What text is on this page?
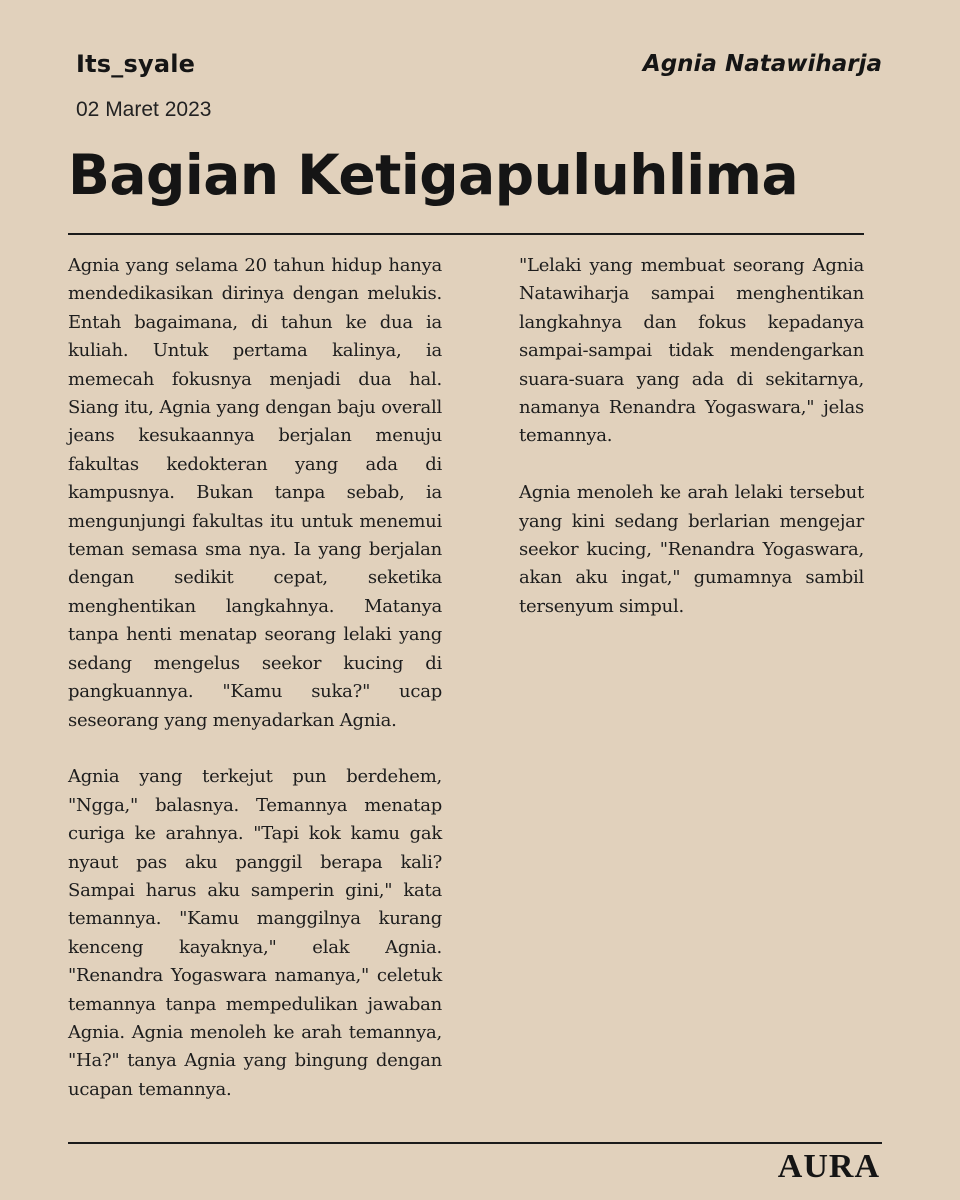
Its_syale	Agnia Natawiharja
02 Maret 2023
Bagian Ketigapuluhlima

Agnia yang selama 20 tahun hidup hanya mendedikasikan dirinya dengan melukis. Entah bagaimana, di tahun ke dua ia kuliah. Untuk pertama kalinya, ia memecah fokusnya menjadi dua hal. Siang itu, Agnia yang dengan baju overall jeans kesukaannya berjalan menuju fakultas kedokteran yang ada di kampusnya. Bukan tanpa sebab, ia mengunjungi fakultas itu untuk menemui teman semasa sma nya. Ia yang berjalan dengan sedikit cepat, seketika menghentikan langkahnya. Matanya tanpa henti menatap seorang lelaki yang sedang mengelus seekor kucing di pangkuannya. "Kamu suka?" ucap seseorang yang menyadarkan Agnia.

Agnia yang terkejut pun berdehem, "Ngga," balasnya. Temannya menatap curiga ke arahnya. "Tapi kok kamu gak nyaut pas aku panggil berapa kali? Sampai harus aku samperin gini," kata temannya. "Kamu manggilnya kurang kenceng kayaknya," elak Agnia. "Renandra Yogaswara namanya," celetuk temannya tanpa mempedulikan jawaban Agnia. Agnia menoleh ke arah temannya, "Ha?" tanya Agnia yang bingung dengan ucapan temannya.

"Lelaki yang membuat seorang Agnia Natawiharja sampai menghentikan langkahnya dan fokus kepadanya sampai-sampai tidak mendengarkan suara-suara yang ada di sekitarnya, namanya Renandra Yogaswara," jelas temannya.

Agnia menoleh ke arah lelaki tersebut yang kini sedang berlarian mengejar seekor kucing, "Renandra Yogaswara, akan aku ingat," gumamnya sambil tersenyum simpul.

AURA
